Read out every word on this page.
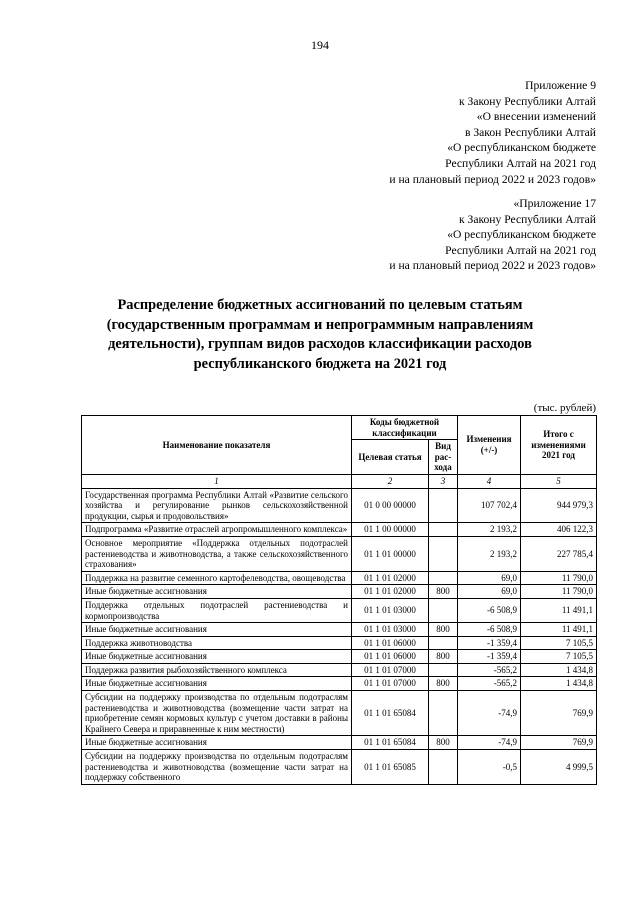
194
Приложение 9
к Закону Республики Алтай
«О внесении изменений
в Закон Республики Алтай
«О республиканском бюджете
Республики Алтай на 2021 год
и на плановый период 2022 и 2023 годов»
«Приложение 17
к Закону Республики Алтай
«О республиканском бюджете
Республики Алтай на 2021 год
и на плановый период 2022 и 2023 годов»
Распределение бюджетных ассигнований по целевым статьям (государственным программам и непрограммным направлениям деятельности), группам видов расходов классификации расходов республиканского бюджета на 2021 год
(тыс. рублей)
Наименование показателя	Коды бюджетной классификации		Изменения (+/-)	Итого с изменениями 2021 год
	Целевая статья	Вид рас-хода		
1	2	3	4	5
Государственная программа Республики Алтай «Развитие сельского хозяйства и регулирование рынков сельскохозяйственной продукции, сырья и продовольствия»	01 0 00 00000		107 702,4	944 979,3
Подпрограмма «Развитие отраслей агропромышленного комплекса»	01 1 00 00000		2 193,2	406 122,3
Основное мероприятие «Поддержка отдельных подотраслей растениеводства и животноводства, а также сельскохозяйственного страхования»	01 1 01 00000		2 193,2	227 785,4
Поддержка на развитие семенного картофелеводства, овощеводства	01 1 01 02000		69,0	11 790,0
Иные бюджетные ассигнования	01 1 01 02000	800	69,0	11 790,0
Поддержка отдельных подотраслей растениеводства и кормопроизводства	01 1 01 03000		-6 508,9	11 491,1
Иные бюджетные ассигнования	01 1 01 03000	800	-6 508,9	11 491,1
Поддержка животноводства	01 1 01 06000		-1 359,4	7 105,5
Иные бюджетные ассигнования	01 1 01 06000	800	-1 359,4	7 105,5
Поддержка развития рыбохозяйственного комплекса	01 1 01 07000		-565,2	1 434,8
Иные бюджетные ассигнования	01 1 01 07000	800	-565,2	1 434,8
Субсидии на поддержку производства по отдельным подотраслям растениеводства и животноводства (возмещение части затрат на приобретение семян кормовых культур с учетом доставки в районы Крайнего Севера и приравненные к ним местности)	01 1 01 65084		-74,9	769,9
Иные бюджетные ассигнования	01 1 01 65084	800	-74,9	769,9
Субсидии на поддержку производства по отдельным подотраслям растениеводства и животноводства (возмещение части затрат на поддержку собственного	01 1 01 65085		-0,5	4 999,5
